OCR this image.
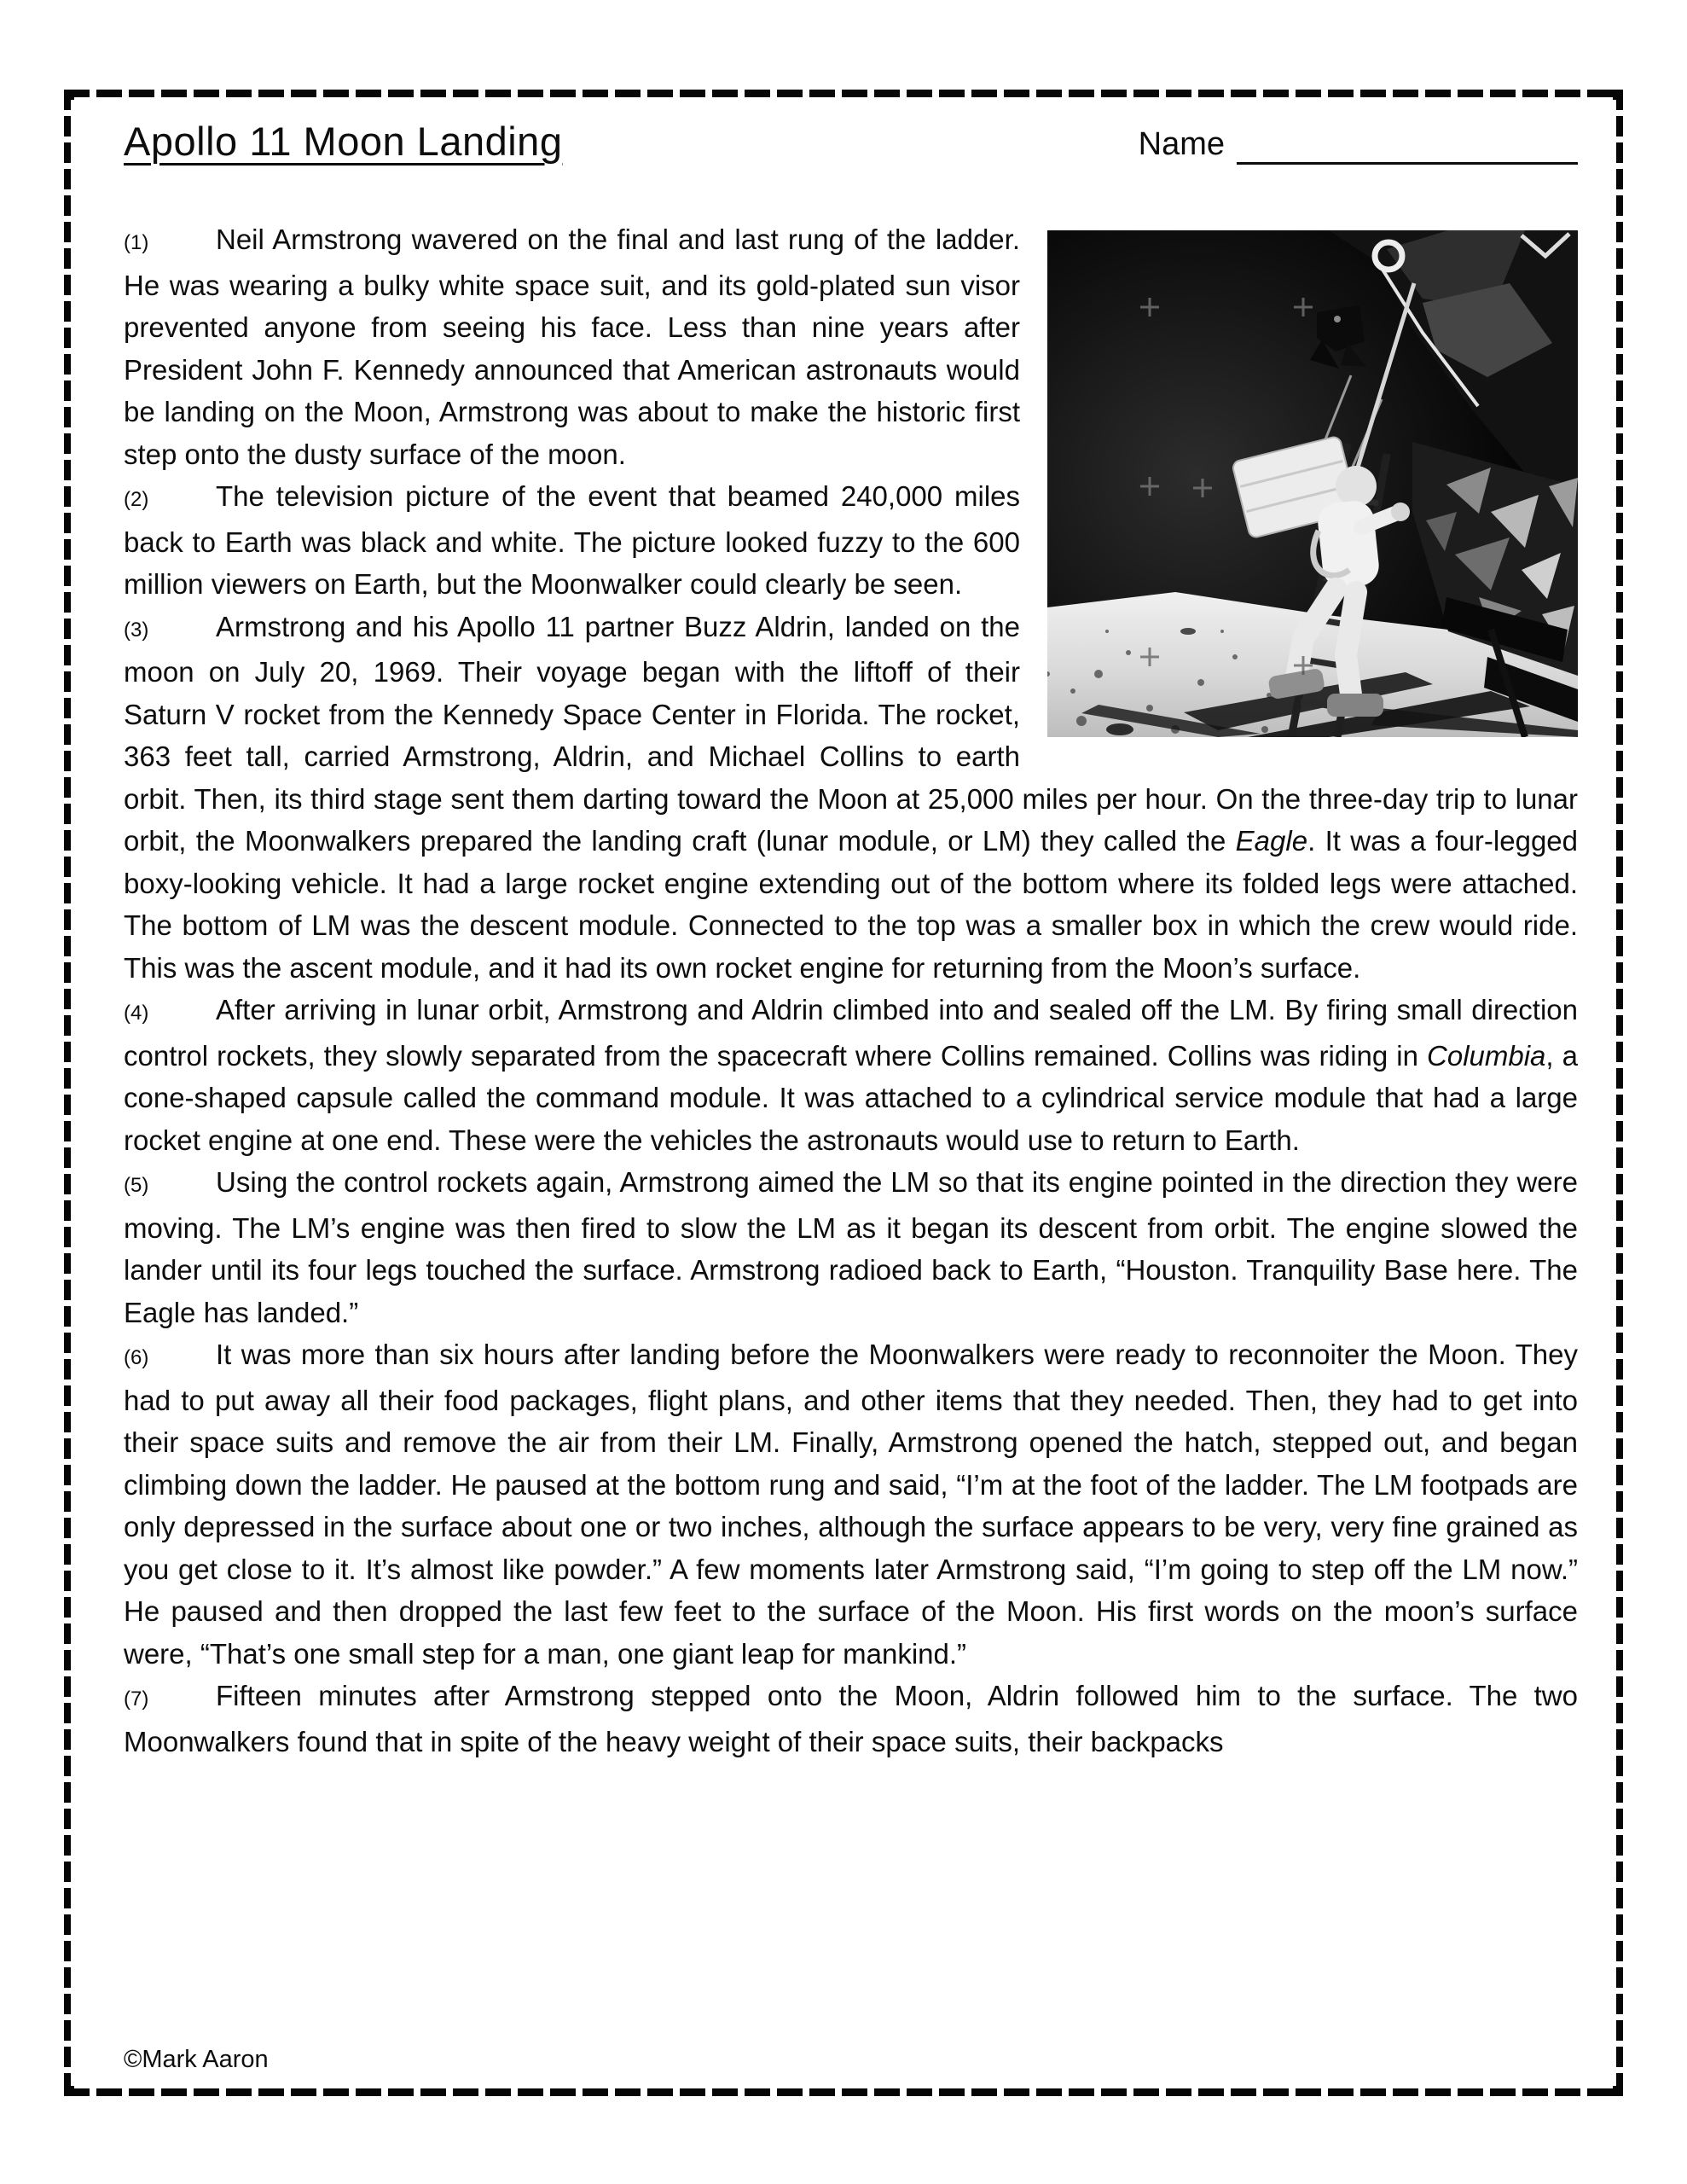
Apollo 11 Moon Landing	Name

(1) Neil Armstrong wavered on the final and last rung of the ladder. He was wearing a bulky white space suit, and its gold-plated sun visor prevented anyone from seeing his face. Less than nine years after President John F. Kennedy announced that American astronauts would be landing on the Moon, Armstrong was about to make the historic first step onto the dusty surface of the moon.

(2) The television picture of the event that beamed 240,000 miles back to Earth was black and white. The picture looked fuzzy to the 600 million viewers on Earth, but the Moonwalker could clearly be seen.

(3) Armstrong and his Apollo 11 partner Buzz Aldrin, landed on the moon on July 20, 1969. Their voyage began with the liftoff of their Saturn V rocket from the Kennedy Space Center in Florida. The rocket, 363 feet tall, carried Armstrong, Aldrin, and Michael Collins to earth orbit. Then, its third stage sent them darting toward the Moon at 25,000 miles per hour. On the three-day trip to lunar orbit, the Moonwalkers prepared the landing craft (lunar module, or LM) they called the Eagle. It was a four-legged boxy-looking vehicle. It had a large rocket engine extending out of the bottom where its folded legs were attached. The bottom of LM was the descent module. Connected to the top was a smaller box in which the crew would ride. This was the ascent module, and it had its own rocket engine for returning from the Moon’s surface.

(4) After arriving in lunar orbit, Armstrong and Aldrin climbed into and sealed off the LM. By firing small direction control rockets, they slowly separated from the spacecraft where Collins remained. Collins was riding in Columbia, a cone-shaped capsule called the command module. It was attached to a cylindrical service module that had a large rocket engine at one end. These were the vehicles the astronauts would use to return to Earth.

(5) Using the control rockets again, Armstrong aimed the LM so that its engine pointed in the direction they were moving. The LM’s engine was then fired to slow the LM as it began its descent from orbit. The engine slowed the lander until its four legs touched the surface. Armstrong radioed back to Earth, “Houston. Tranquility Base here. The Eagle has landed.”

(6) It was more than six hours after landing before the Moonwalkers were ready to reconnoiter the Moon. They had to put away all their food packages, flight plans, and other items that they needed. Then, they had to get into their space suits and remove the air from their LM. Finally, Armstrong opened the hatch, stepped out, and began climbing down the ladder. He paused at the bottom rung and said, “I’m at the foot of the ladder. The LM footpads are only depressed in the surface about one or two inches, although the surface appears to be very, very fine grained as you get close to it. It’s almost like powder.” A few moments later Armstrong said, “I’m going to step off the LM now.” He paused and then dropped the last few feet to the surface of the Moon. His first words on the moon’s surface were, “That’s one small step for a man, one giant leap for mankind.”

(7) Fifteen minutes after Armstrong stepped onto the Moon, Aldrin followed him to the surface. The two Moonwalkers found that in spite of the heavy weight of their space suits, their backpacks

©Mark Aaron
